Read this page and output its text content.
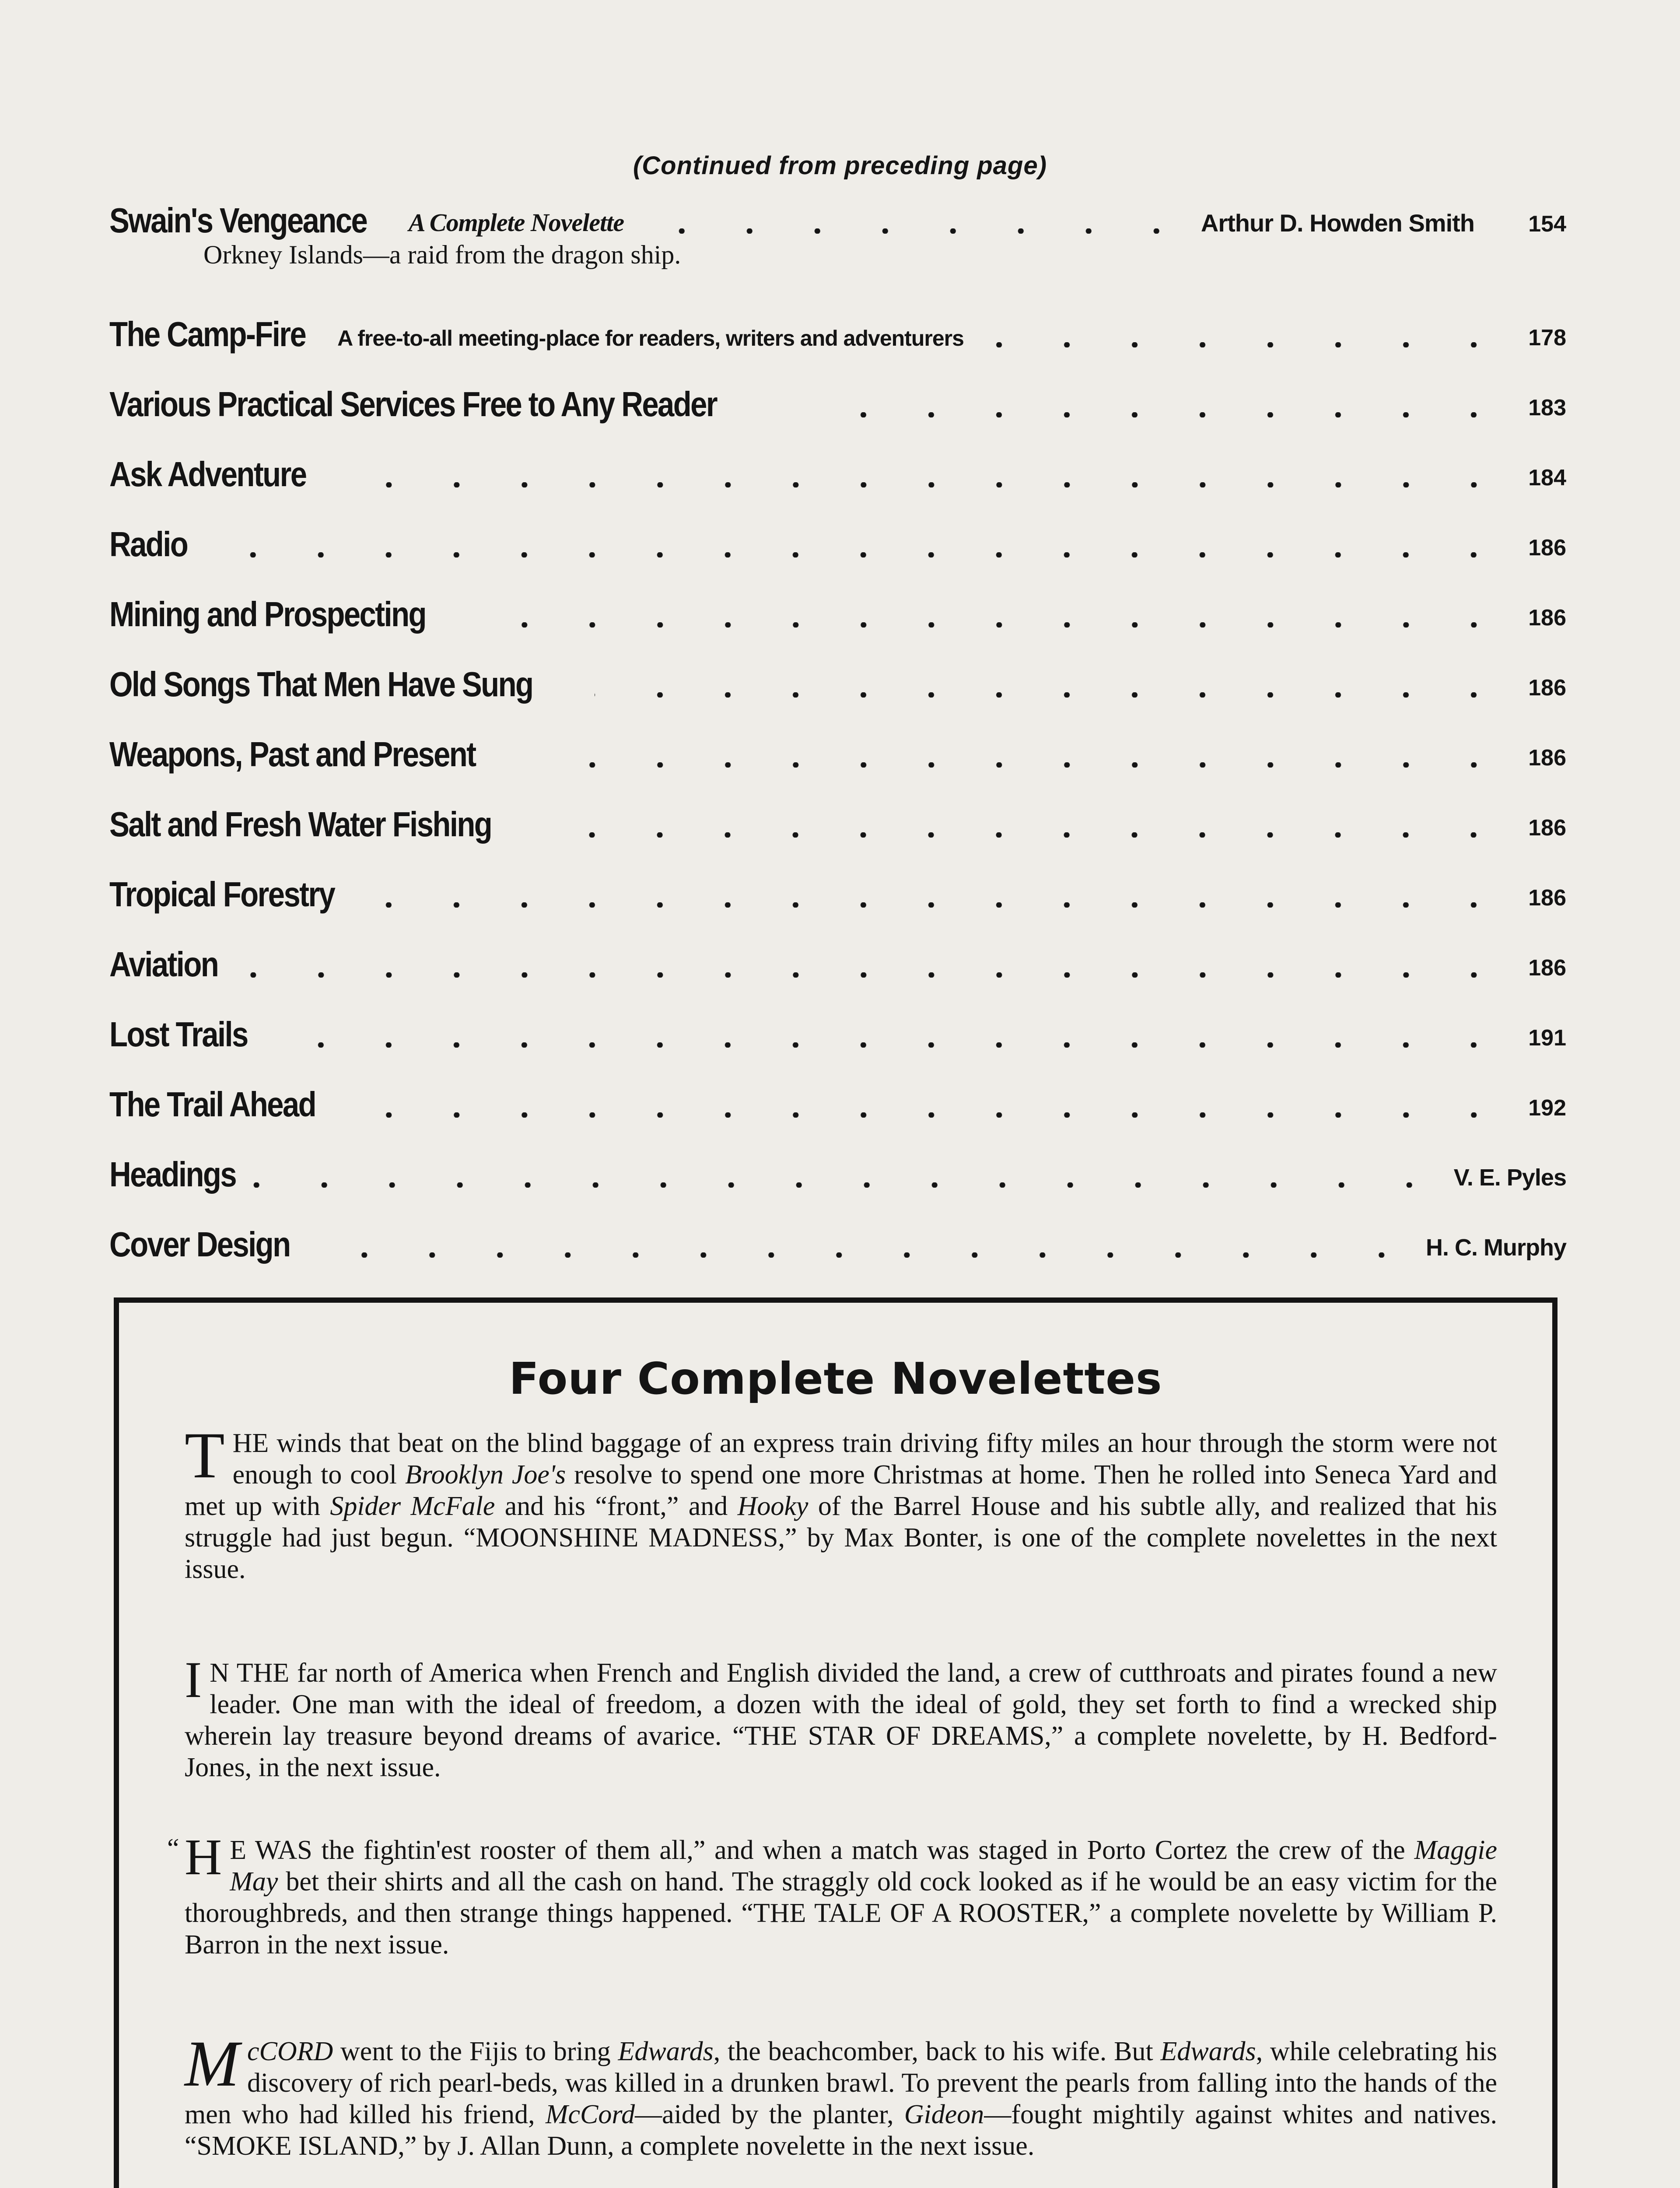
(Continued from preceding page)
Swain's Vengeance A Complete Novelette	Arthur D. Howden Smith	154
Orkney Islands—a raid from the dragon ship.
The Camp-Fire A free-to-all meeting-place for readers, writers and adventurers	178
Various Practical Services Free to Any Reader	183
Ask Adventure	184
Radio	186
Mining and Prospecting	186
Old Songs That Men Have Sung	186
Weapons, Past and Present	186
Salt and Fresh Water Fishing	186
Tropical Forestry	186
Aviation	186
Lost Trails	191
The Trail Ahead	192
Headings	V. E. Pyles
Cover Design	H. C. Murphy
Four Complete Novelettes

THE winds that beat on the blind baggage of an express train driving fifty miles an hour through the storm were not enough to cool Brooklyn Joe's resolve to spend one more Christmas at home. Then he rolled into Seneca Yard and met up with Spider McFale and his “front,” and Hooky of the Barrel House and his subtle ally, and realized that his struggle had just begun. “MOONSHINE MADNESS,” by Max Bonter, is one of the complete novelettes in the next issue.

I N THE far north of America when French and English divided the land, a crew of cutthroats and pirates found a new leader. One man with the ideal of freedom, a dozen with the ideal of gold, they set forth to find a wrecked ship wherein lay treasure beyond dreams of avarice. “THE STAR OF DREAMS,” a complete novelette, by H. Bedford-Jones, in the next issue.

“ H E WAS the fightin'est rooster of them all,” and when a match was staged in Porto Cortez the crew of the Maggie May bet their shirts and all the cash on hand. The straggly old cock looked as if he would be an easy victim for the thoroughbreds, and then strange things happened. “THE TALE OF A ROOSTER,” a complete novelette by William P. Barron in the next issue.

McCORD went to the Fijis to bring Edwards, the beachcomber, back to his wife. But Edwards, while celebrating his discovery of rich pearl-beds, was killed in a drunken brawl. To prevent the pearls from falling into the hands of the men who had killed his friend, McCord—aided by the planter, Gideon—fought mightily against whites and natives. “SMOKE ISLAND,” by J. Allan Dunn, a complete novelette in the next issue.
